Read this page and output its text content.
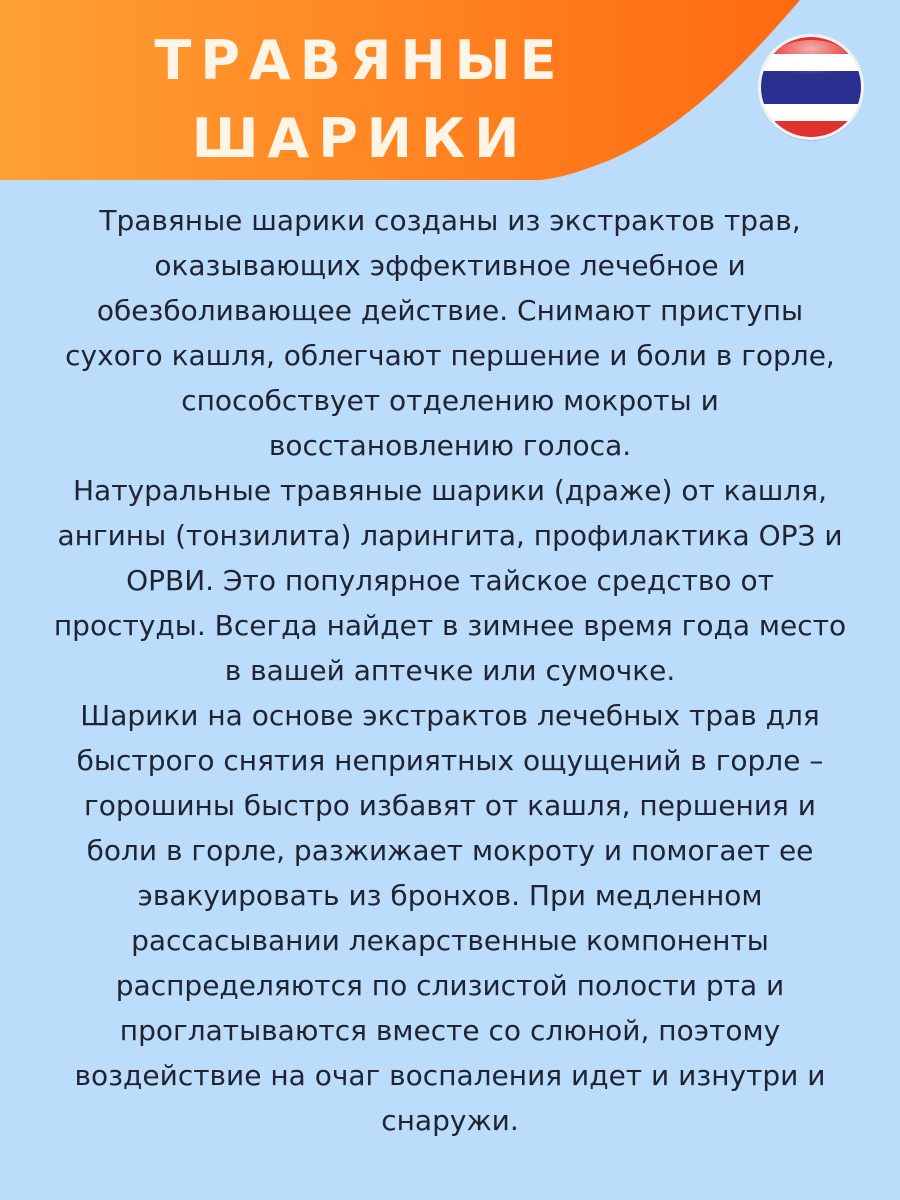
ТРАВЯНЫЕ
ШАРИКИ
Травяные шарики созданы из экстрактов трав,
оказывающих эффективное лечебное и
обезболивающее действие. Снимают приступы
сухого кашля, облегчают першение и боли в горле,
способствует отделению мокроты и
восстановлению голоса.
Натуральные травяные шарики (драже) от кашля,
ангины (тонзилита) ларингита, профилактика ОРЗ и
ОРВИ. Это популярное тайское средство от
простуды. Всегда найдет в зимнее время года место
в вашей аптечке или сумочке.
Шарики на основе экстрактов лечебных трав для
быстрого снятия неприятных ощущений в горле –
горошины быстро избавят от кашля, першения и
боли в горле, разжижает мокроту и помогает ее
эвакуировать из бронхов. При медленном
рассасывании лекарственные компоненты
распределяются по слизистой полости рта и
проглатываются вместе со слюной, поэтому
воздействие на очаг воспаления идет и изнутри и
снаружи.
